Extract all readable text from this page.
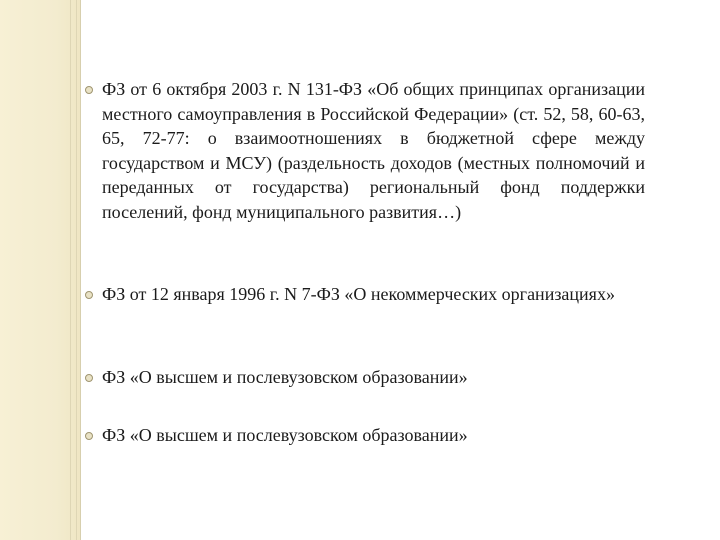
ФЗ от 6 октября 2003 г. N 131-ФЗ «Об общих принципах организации местного самоуправления в Российской Федерации» (ст. 52, 58, 60-63, 65, 72-77: о взаимоотношениях в бюджетной сфере между государством и МСУ) (раздельность доходов (местных полномочий и переданных от государства) региональный фонд поддержки поселений, фонд муниципального развития…)
ФЗ от 12 января 1996 г. N 7-ФЗ «О некоммерческих организациях»
ФЗ «О высшем и послевузовском образовании»
ФЗ «О высшем и послевузовском образовании»
